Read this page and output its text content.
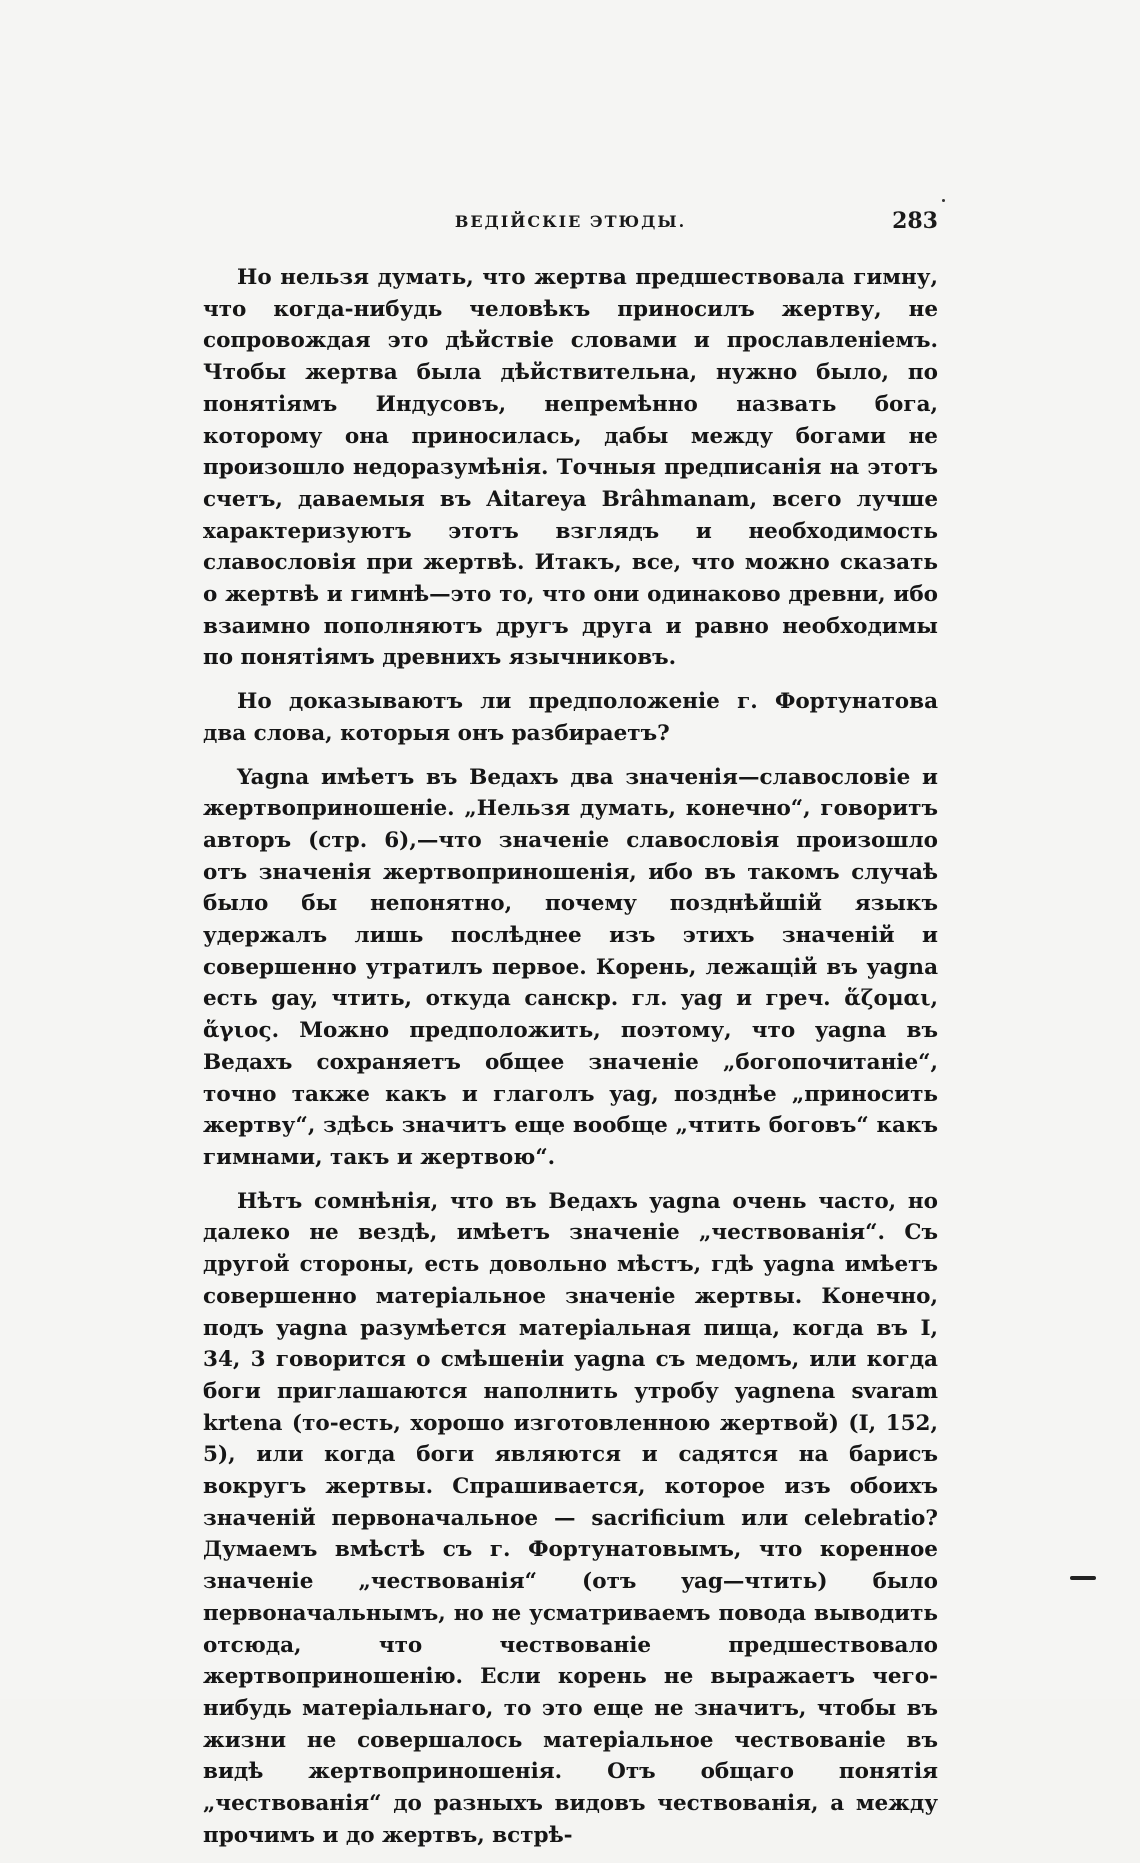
ВЕДІЙСКІЕ ЭТЮДЫ.	283

Но нельзя думать, что жертва предшествовала гимну, что когда-нибудь человѣкъ приносилъ жертву, не сопровождая это дѣйствіе словами и прославленіемъ. Чтобы жертва была дѣйствительна, нужно было, по понятіямъ Индусовъ, непремѣнно назвать бога, которому она приносилась, дабы между богами не произошло недоразумѣнія. Точныя предписанія на этотъ счетъ, даваемыя въ Aitareya Brâhmanam, всего лучше характеризуютъ этотъ взглядъ и необходимость славословія при жертвѣ. Итакъ, все, что можно сказать о жертвѣ и гимнѣ—это то, что они одинаково древни, ибо взаимно пополняютъ другъ друга и равно необходимы по понятіямъ древнихъ язычниковъ.

Но доказываютъ ли предположеніе г. Фортунатова два слова, которыя онъ разбираетъ?

Yagna имѣетъ въ Ведахъ два значенія—славословіе и жертвоприношеніе. „Нельзя думать, конечно“, говоритъ авторъ (стр. 6),—что значеніе славословія произошло отъ значенія жертвоприношенія, ибо въ такомъ случаѣ было бы непонятно, почему позднѣйшій языкъ удержалъ лишь послѣднее изъ этихъ значеній и совершенно утратилъ первое. Корень, лежащій въ yagna есть gay, чтить, откуда санскр. гл. yag и греч. ἅζομαι, ἅγιος. Можно предположить, поэтому, что yagna въ Ведахъ сохраняетъ общее значеніе „богопочитаніе“, точно также какъ и глаголъ yag, позднѣе „приносить жертву“, здѣсь значитъ еще вообще „чтить боговъ“ какъ гимнами, такъ и жертвою“.

Нѣтъ сомнѣнія, что въ Ведахъ yagna очень часто, но далеко не вездѣ, имѣетъ значеніе „чествованія“. Съ другой стороны, есть довольно мѣстъ, гдѣ yagna имѣетъ совершенно матеріальное значеніе жертвы. Конечно, подъ yagna разумѣется матеріальная пища, когда въ I, 34, 3 говорится о смѣшеніи yagna съ медомъ, или когда боги приглашаются наполнить утробу yagnena svaram krtena (то-есть, хорошо изготовленною жертвой) (I, 152, 5), или когда боги являются и садятся на барисъ вокругъ жертвы. Спрашивается, которое изъ обоихъ значеній первоначальное — sacrificium или celebratio? Думаемъ вмѣстѣ съ г. Фортунатовымъ, что коренное значеніе „чествованія“ (отъ yag—чтить) было первоначальнымъ, но не усматриваемъ повода выводить отсюда, что чествованіе предшествовало жертвоприношенію. Если корень не выражаетъ чего-нибудь матеріальнаго, то это еще не значитъ, чтобы въ жизни не совершалось матеріальное чествованіе въ видѣ жертвоприношенія. Отъ общаго понятія „чествованія“ до разныхъ видовъ чествованія, а между прочимъ и до жертвъ, встрѣ-
